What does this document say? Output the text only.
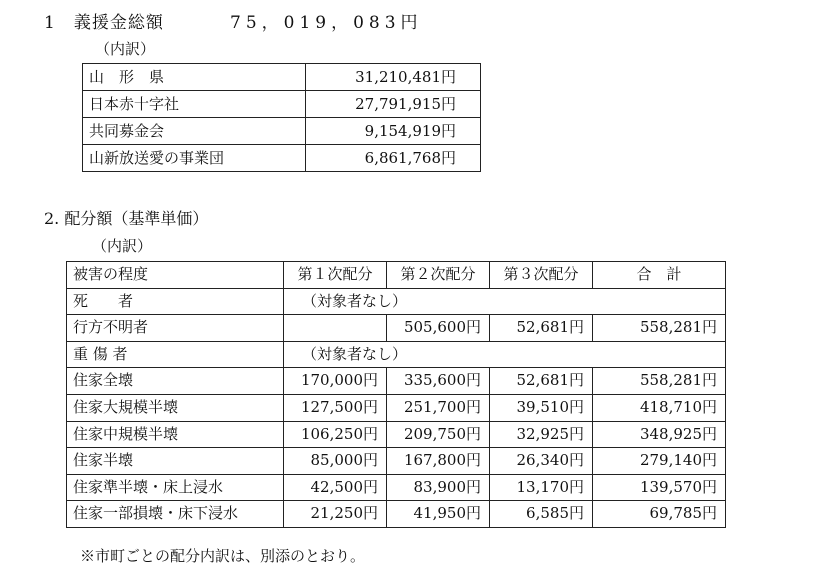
1　義援金総額	75，019，083円
（内訳）
山　形　県	31,210,481円
日本赤十字社	27,791,915円
共同募金会	9,154,919円
山新放送愛の事業団	6,861,768円
2. 配分額（基準単価）
（内訳）
被害の程度	第１次配分	第２次配分	第３次配分	合　計
死　　者	（対象者なし）			
行方不明者		505,600円	52,681円	558,281円
重 傷 者	（対象者なし）			
住家全壊	170,000円	335,600円	52,681円	558,281円
住家大規模半壊	127,500円	251,700円	39,510円	418,710円
住家中規模半壊	106,250円	209,750円	32,925円	348,925円
住家半壊	85,000円	167,800円	26,340円	279,140円
住家準半壊・床上浸水	42,500円	83,900円	13,170円	139,570円
住家一部損壊・床下浸水	21,250円	41,950円	6,585円	69,785円
※市町ごとの配分内訳は、別添のとおり。
